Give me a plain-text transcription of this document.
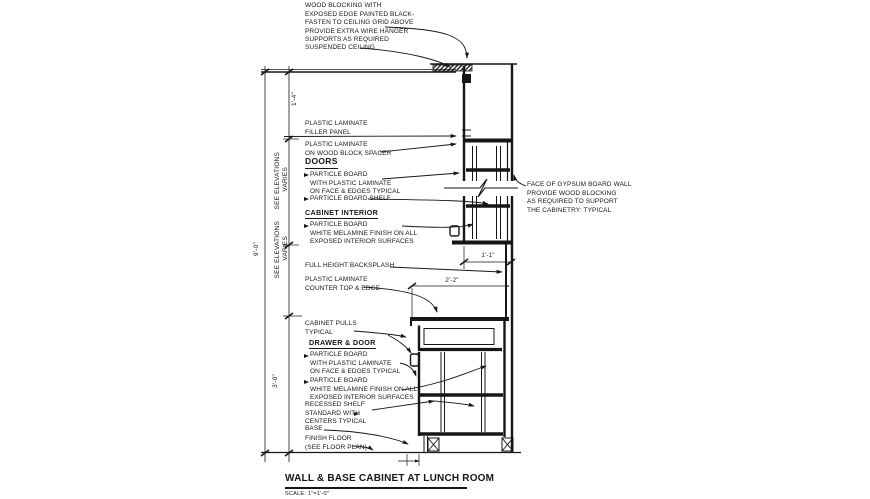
WOOD BLOCKING WITH
EXPOSED EDGE PAINTED BLACK-
FASTEN TO CEILING GRID ABOVE
PROVIDE EXTRA WIRE HANGER
SUPPORTS AS REQUIRED
SUSPENDED CEILING
PLASTIC LAMINATE
FILLER PANEL
PLASTIC LAMINATE
ON WOOD BLOCK SPACER
DOORS
PARTICLE BOARD
WITH PLASTIC LAMINATE
ON FACE & EDGES TYPICAL
PARTICLE BOARD SHELF
CABINET INTERIOR
PARTICLE BOARD
WHITE MELAMINE FINISH ON ALL
EXPOSED INTERIOR SURFACES
FULL HEIGHT BACKSPLASH
PLASTIC LAMINATE
COUNTER TOP & EDGE
CABINET PULLS
TYPICAL
DRAWER & DOOR
PARTICLE BOARD
WITH PLASTIC LAMINATE
ON FACE & EDGES TYPICAL
PARTICLE BOARD
WHITE MELAMINE FINISH ON ALL
EXPOSED INTERIOR SURFACES
RECESSED SHELF
STANDARD WITH
CENTERS TYPICAL
BASE
FINISH FLOOR
(SEE FLOOR PLAN)
FACE OF GYPSUM BOARD WALL
PROVIDE WOOD BLOCKING
AS REQUIRED TO SUPPORT
THE CABINETRY: TYPICAL
9'-0"
1'-4"
VARIES
SEE ELEVATIONS
VARIES
SEE ELEVATIONS
3'-0"
1'-1"
2'-2"
WALL & BASE CABINET AT LUNCH ROOM
SCALE: 1"=1'-0"
